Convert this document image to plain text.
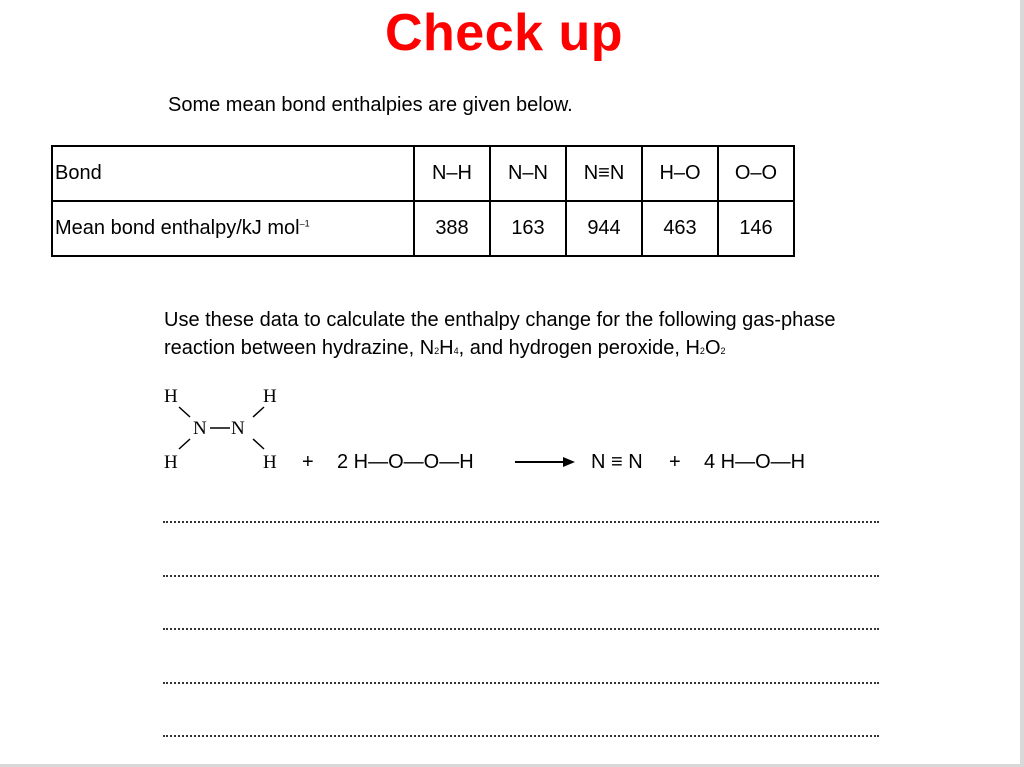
Check up
Some mean bond enthalpies are given below.
Bond	N–H	N–N	N≡N	H–O	O–O
Mean bond enthalpy/kJ mol$^{-1}$	388	163	944	463	146
Use these data to calculate the enthalpy change for the following gas-phase
reaction between hydrazine, N2H4, and hydrogen peroxide, H2O2
H	H
N N
H	H + 2 H—O—O—H	→ N ≡ N + 4 H—O—H
